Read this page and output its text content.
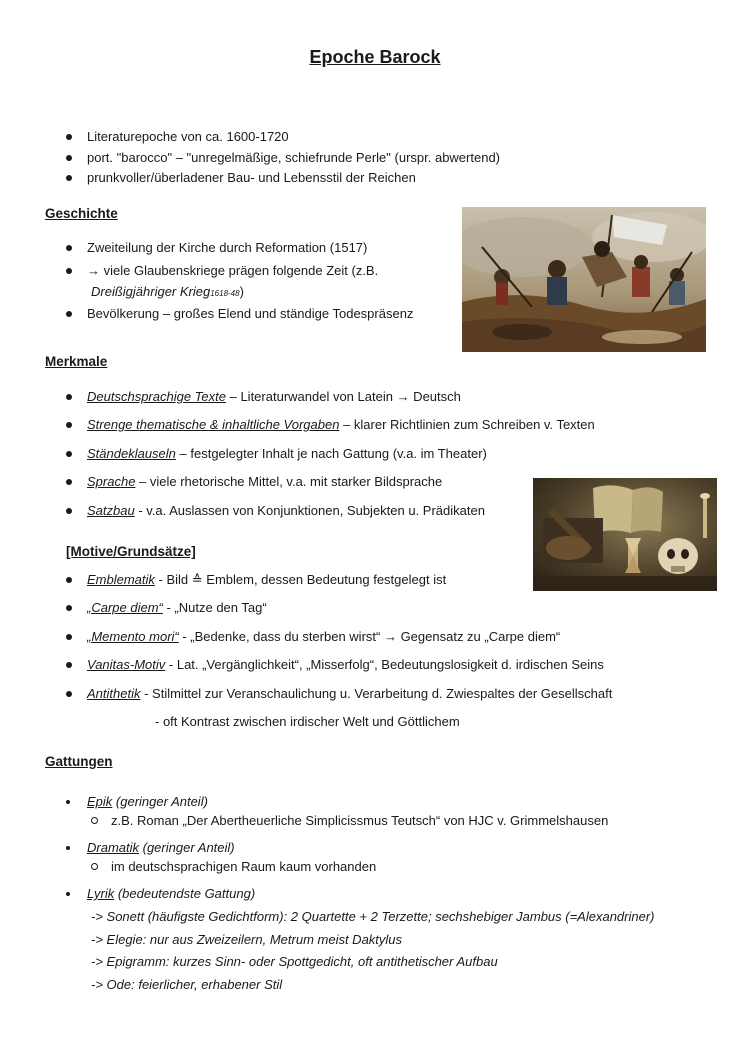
Epoche Barock
Literaturepoche von ca. 1600-1720
port. "barocco" – "unregelmäßige, schiefrunde Perle" (urspr. abwertend)
prunkvoller/überladener Bau- und Lebensstil der Reichen
Geschichte
Zweiteilung der Kirche durch Reformation (1517)
→ viele Glaubenskriege prägen folgende Zeit (z.B.
Dreißigjähriger Krieg1618-48)
Bevölkerung – großes Elend und ständige Todespräsenz
Merkmale
Deutschsprachige Texte – Literaturwandel von Latein → Deutsch
Strenge thematische & inhaltliche Vorgaben – klarer Richtlinien zum Schreiben v. Texten
Ständeklauseln – festgelegter Inhalt je nach Gattung (v.a. im Theater)
Sprache – viele rhetorische Mittel, v.a. mit starker Bildsprache
Satzbau - v.a. Auslassen von Konjunktionen, Subjekten u. Prädikaten
[Motive/Grundsätze]
Emblematik - Bild ≙ Emblem, dessen Bedeutung festgelegt ist
„Carpe diem“ - „Nutze den Tag“
„Memento mori“ - „Bedenke, dass du sterben wirst“ → Gegensatz zu „Carpe diem“
Vanitas-Motiv - Lat. „Vergänglichkeit“, „Misserfolg“, Bedeutungslosigkeit d. irdischen Seins
Antithetik - Stilmittel zur Veranschaulichung u. Verarbeitung d. Zwiespaltes der Gesellschaft
- oft Kontrast zwischen irdischer Welt und Göttlichem
Gattungen
Epik (geringer Anteil)
z.B. Roman „Der Abertheuerliche Simplicissmus Teutsch“ von HJC v. Grimmelshausen
Dramatik (geringer Anteil)
im deutschsprachigen Raum kaum vorhanden
Lyrik (bedeutendste Gattung)
-> Sonett (häufigste Gedichtform): 2 Quartette + 2 Terzette; sechshebiger Jambus (=Alexandriner)
-> Elegie: nur aus Zweizeilern, Metrum meist Daktylus
-> Epigramm: kurzes Sinn- oder Spottgedicht, oft antithetischer Aufbau
-> Ode: feierlicher, erhabener Stil
